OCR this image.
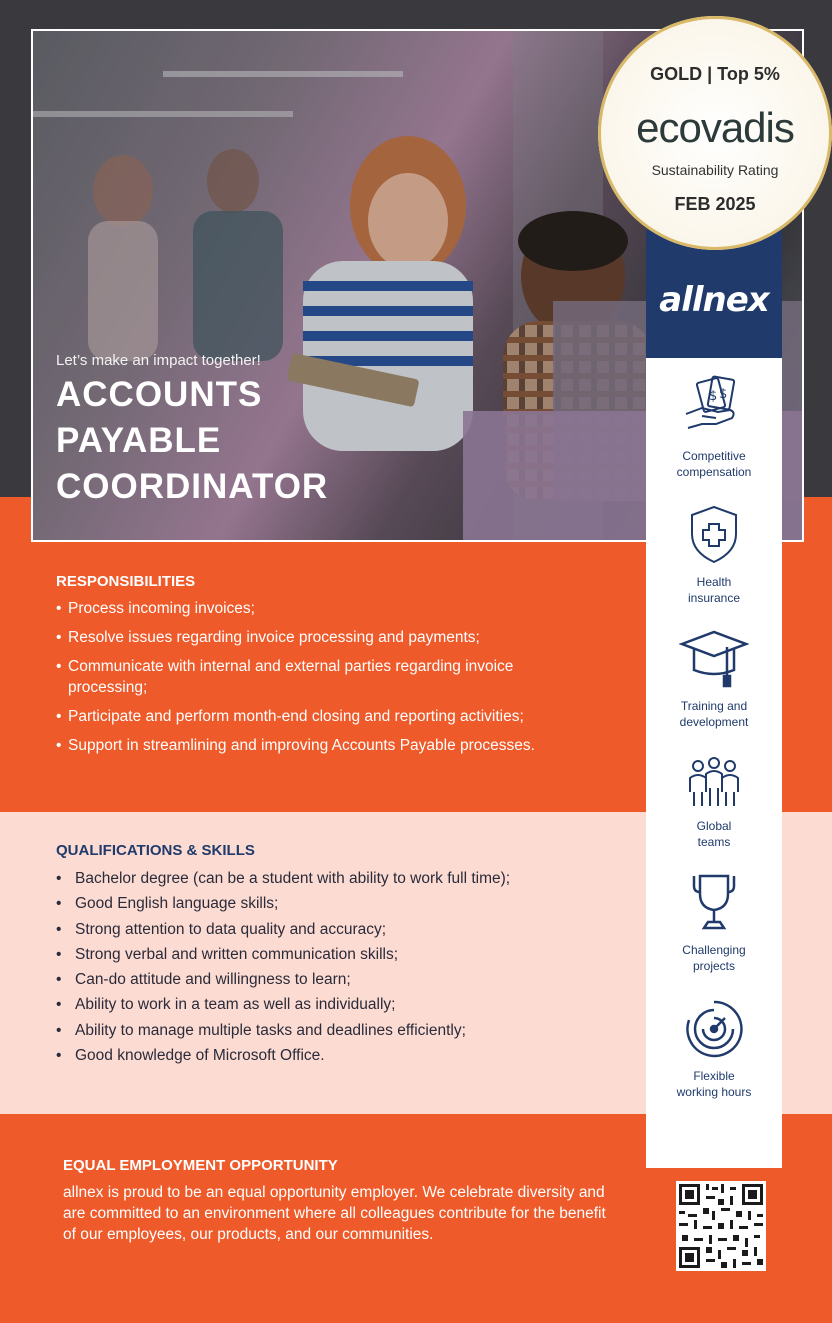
Let’s make an impact together!
ACCOUNTS
PAYABLE
COORDINATOR
allnex
$ $
Competitive
compensation
Health
insurance
Training and
development
Global
teams
Challenging
projects
Flexible
working hours
GOLD | Top 5%
ecovadis
Sustainability Rating
FEB 2025
RESPONSIBILITIES
• Process incoming invoices;
• Resolve issues regarding invoice processing and payments;
• Communicate with internal and external parties regarding invoice processing;
• Participate and perform month-end closing and reporting activities;
• Support in streamlining and improving Accounts Payable processes.
QUALIFICATIONS & SKILLS
• Bachelor degree (can be a student with ability to work full time);
• Good English language skills;
• Strong attention to data quality and accuracy;
• Strong verbal and written communication skills;
• Can-do attitude and willingness to learn;
• Ability to work in a team as well as individually;
• Ability to manage multiple tasks and deadlines efficiently;
• Good knowledge of Microsoft Office.
EQUAL EMPLOYMENT OPPORTUNITY
allnex is proud to be an equal opportunity employer. We celebrate diversity and are committed to an environment where all colleagues contribute for the benefit of our employees, our products, and our communities.
